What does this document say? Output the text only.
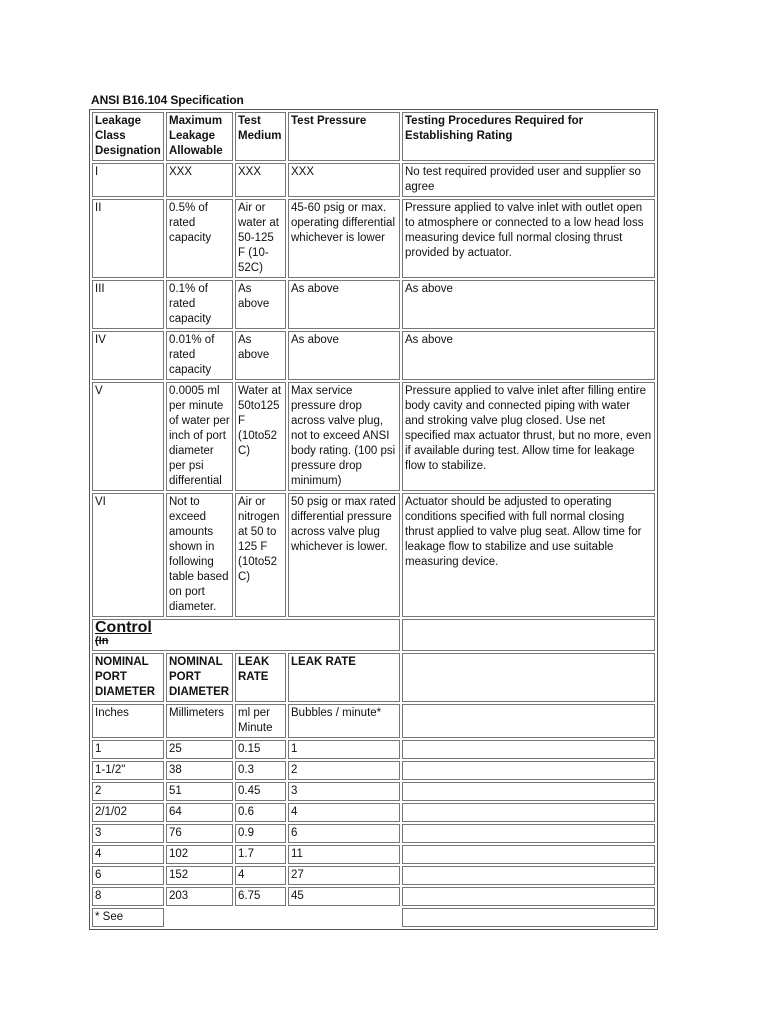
ANSI B16.104 Specification
Leakage Class Designation	Maximum Leakage Allowable	Test Medium	Test Pressure	Testing Procedures Required for Establishing Rating
I	XXX	XXX	XXX	No test required provided user and supplier so agree
II	0.5% of rated capacity	Air or water at 50-125 F (10-52C)	45-60 psig or max. operating differential whichever is lower	Pressure applied to valve inlet with outlet open to atmosphere or connected to a low head loss measuring device full normal closing thrust provided by actuator.
III	0.1% of rated capacity	As above	As above	As above
IV	0.01% of rated capacity	As above	As above	As above
V	0.0005 ml per minute of water per inch of port diameter per psi differential	Water at 50to125 F (10to52 C)	Max service pressure drop across valve plug, not to exceed ANSI body rating. (100 psi pressure drop minimum)	Pressure applied to valve inlet after filling entire body cavity and connected piping with water and stroking valve plug closed. Use net specified max actuator thrust, but no more, even if available during test. Allow time for leakage flow to stabilize.
VI	Not to exceed amounts shown in following table based on port diameter.	Air or nitrogen at 50 to 125 F (10to52 C)	50 psig or max rated differential pressure across valve plug whichever is lower.	Actuator should be adjusted to operating conditions specified with full normal closing thrust applied to valve plug seat. Allow time for leakage flow to stabilize and use suitable measuring device.

Control
(In				

NOMINAL PORT DIAMETER	NOMINAL PORT DIAMETER	LEAK RATE	LEAK RATE	
Inches	Millimeters	ml per Minute	Bubbles / minute*	
1	25	0.15	1	
1-1/2"	38	0.3	2	
2	51	0.45	3	
2/1/02	64	0.6	4	
3	76	0.9	6	
4	102	1.7	11	
6	152	4	27	
8	203	6.75	45	
* See				
